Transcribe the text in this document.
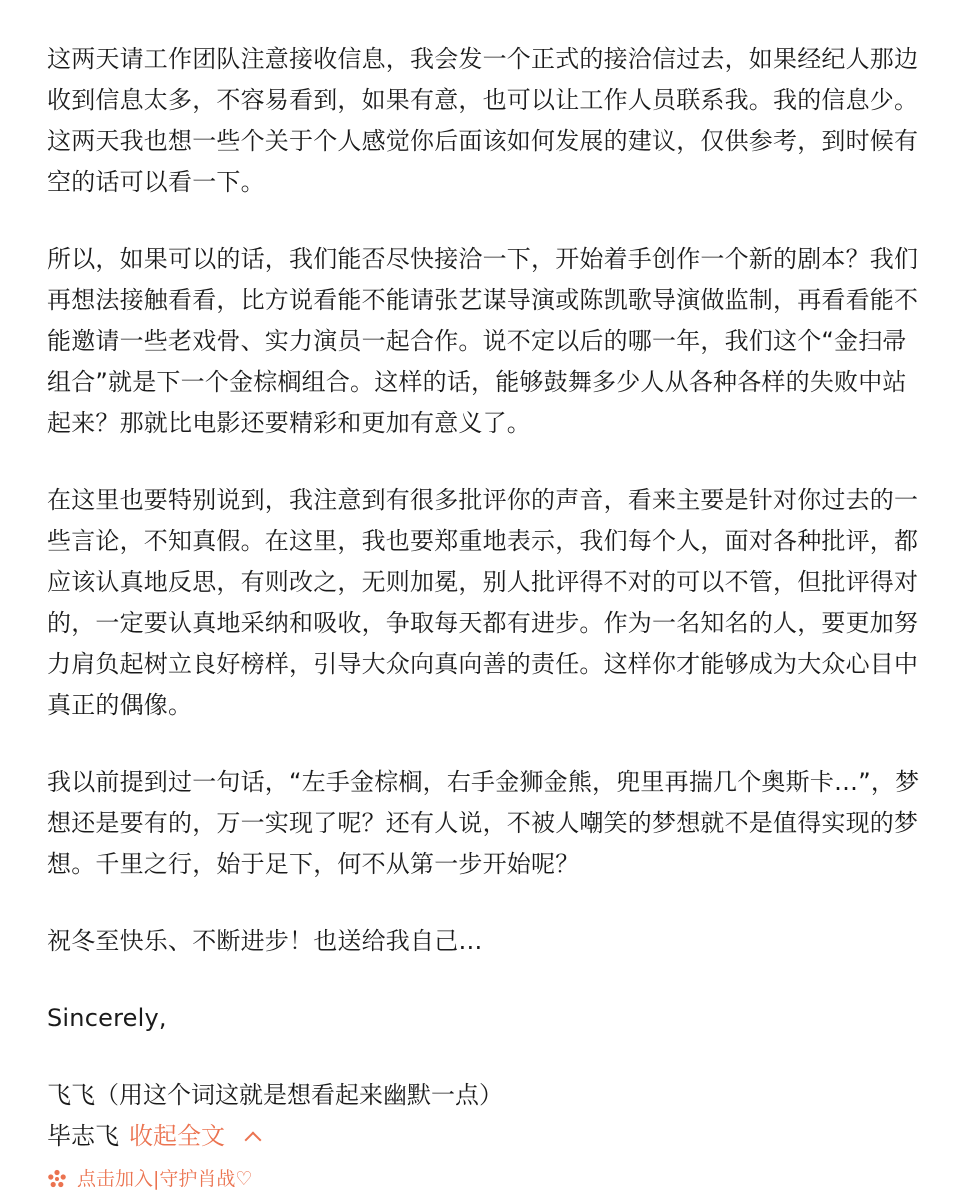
这两天请工作团队注意接收信息，我会发一个正式的接洽信过去，如果经纪人那边收到信息太多，不容易看到，如果有意，也可以让工作人员联系我。我的信息少。这两天我也想一些个关于个人感觉你后面该如何发展的建议，仅供参考，到时候有空的话可以看一下。

所以，如果可以的话，我们能否尽快接洽一下，开始着手创作一个新的剧本？我们再想法接触看看，比方说看能不能请张艺谋导演或陈凯歌导演做监制，再看看能不能邀请一些老戏骨、实力演员一起合作。说不定以后的哪一年，我们这个“金扫帚组合”就是下一个金棕榈组合。这样的话，能够鼓舞多少人从各种各样的失败中站起来？那就比电影还要精彩和更加有意义了。

在这里也要特别说到，我注意到有很多批评你的声音，看来主要是针对你过去的一些言论，不知真假。在这里，我也要郑重地表示，我们每个人，面对各种批评，都应该认真地反思，有则改之，无则加冕，别人批评得不对的可以不管，但批评得对的，一定要认真地采纳和吸收，争取每天都有进步。作为一名知名的人，要更加努力肩负起树立良好榜样，引导大众向真向善的责任。这样你才能够成为大众心目中真正的偶像。

我以前提到过一句话，“左手金棕榈，右手金狮金熊，兜里再揣几个奥斯卡…”，梦想还是要有的，万一实现了呢？还有人说，不被人嘲笑的梦想就不是值得实现的梦想。千里之行，始于足下，何不从第一步开始呢？

祝冬至快乐、不断进步！也送给我自己…

Sincerely,

飞飞（用这个词这就是想看起来幽默一点）

毕志飞 收起全文
点击加入|守护肖战♡
